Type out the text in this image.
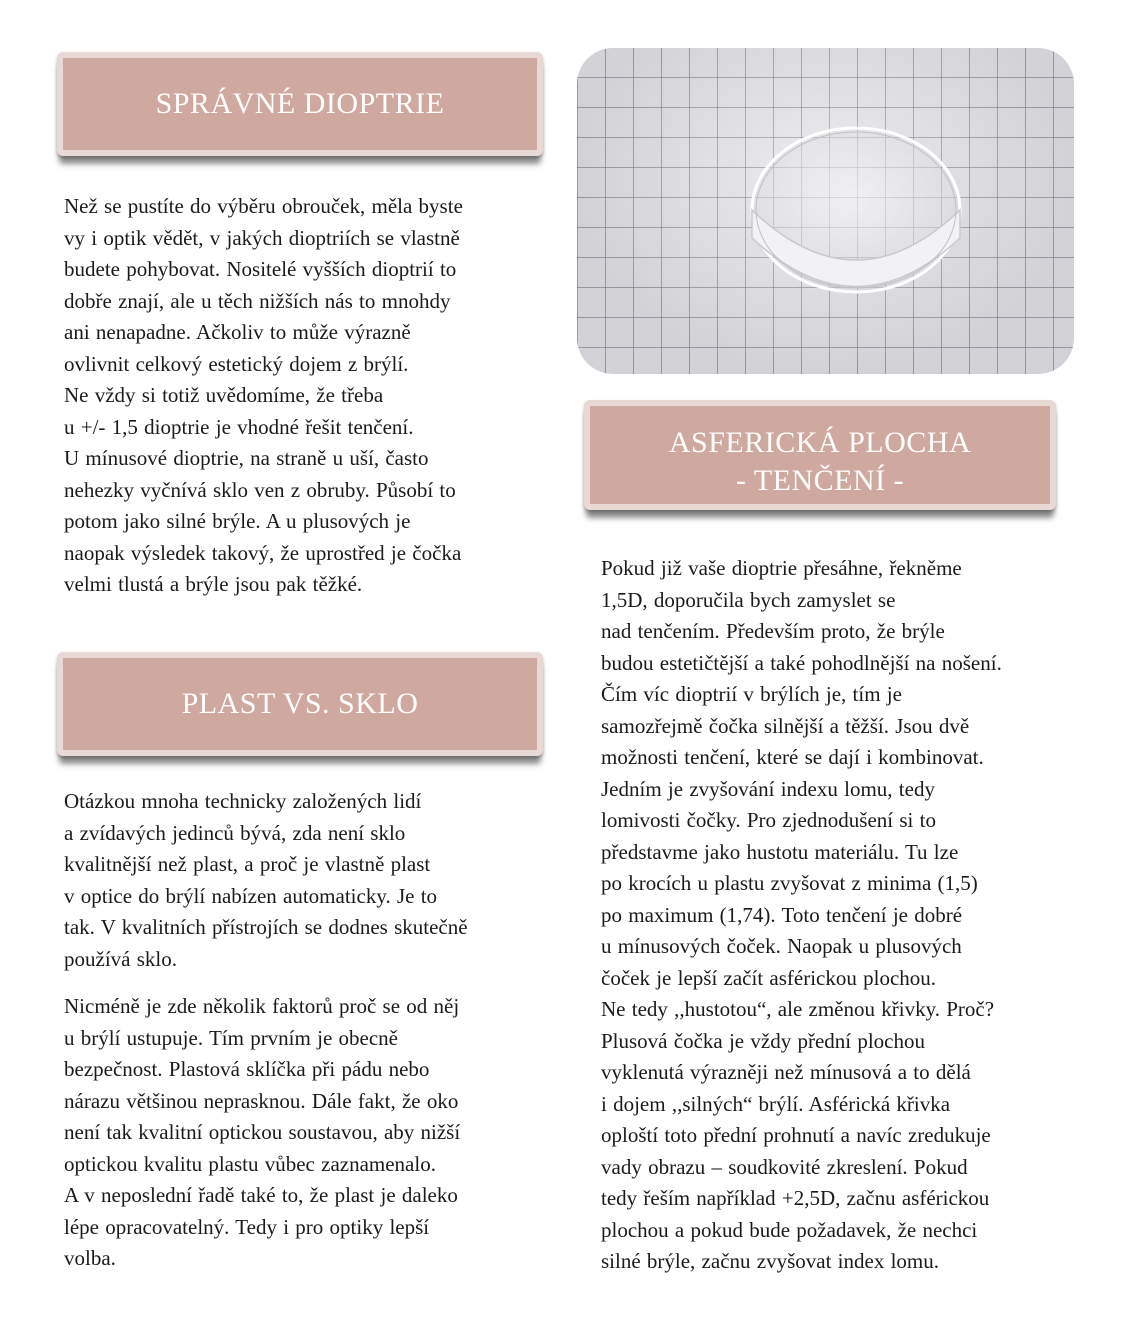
SPRÁVNÉ DIOPTRIE
Než se pustíte do výběru obrouček, měla byste
vy i optik vědět, v jakých dioptriích se vlastně
budete pohybovat. Nositelé vyšších dioptrií to
dobře znají, ale u těch nižších nás to mnohdy
ani nenapadne. Ačkoliv to může výrazně
ovlivnit celkový estetický dojem z brýlí.
Ne vždy si totiž uvědomíme, že třeba
u +/- 1,5 dioptrie je vhodné řešit tenčení.
U mínusové dioptrie, na straně u uší, často
nehezky vyčnívá sklo ven z obruby. Působí to
potom jako silné brýle. A u plusových je
naopak výsledek takový, že uprostřed je čočka
velmi tlustá a brýle jsou pak těžké.
PLAST VS. SKLO
Otázkou mnoha technicky založených lidí
a zvídavých jedinců bývá, zda není sklo
kvalitnější než plast, a proč je vlastně plast
v optice do brýlí nabízen automaticky. Je to
tak. V kvalitních přístrojích se dodnes skutečně
používá sklo.
Nicméně je zde několik faktorů proč se od něj
u brýlí ustupuje. Tím prvním je obecně
bezpečnost. Plastová sklíčka při pádu nebo
nárazu většinou neprasknou. Dále fakt, že oko
není tak kvalitní optickou soustavou, aby nižší
optickou kvalitu plastu vůbec zaznamenalo.
A v neposlední řadě také to, že plast je daleko
lépe opracovatelný. Tedy i pro optiky lepší
volba.
ASFERICKÁ PLOCHA
- TENČENÍ -
Pokud již vaše dioptrie přesáhne, řekněme
1,5D, doporučila bych zamyslet se
nad tenčením. Především proto, že brýle
budou estetičtější a také pohodlnější na nošení.
Čím víc dioptrií v brýlích je, tím je
samozřejmě čočka silnější a těžší. Jsou dvě
možnosti tenčení, které se dají i kombinovat.
Jedním je zvyšování indexu lomu, tedy
lomivosti čočky. Pro zjednodušení si to
představme jako hustotu materiálu. Tu lze
po krocích u plastu zvyšovat z minima (1,5)
po maximum (1,74). Toto tenčení je dobré
u mínusových čoček. Naopak u plusových
čoček je lepší začít asférickou plochou.
Ne tedy ,,hustotou“, ale změnou křivky. Proč?
Plusová čočka je vždy přední plochou
vyklenutá výrazněji než mínusová a to dělá
i dojem ,,silných“ brýlí. Asférická křivka
oploští toto přední prohnutí a navíc zredukuje
vady obrazu – soudkovité zkreslení. Pokud
tedy řeším například +2,5D, začnu asférickou
plochou a pokud bude požadavek, že nechci
silné brýle, začnu zvyšovat index lomu.
